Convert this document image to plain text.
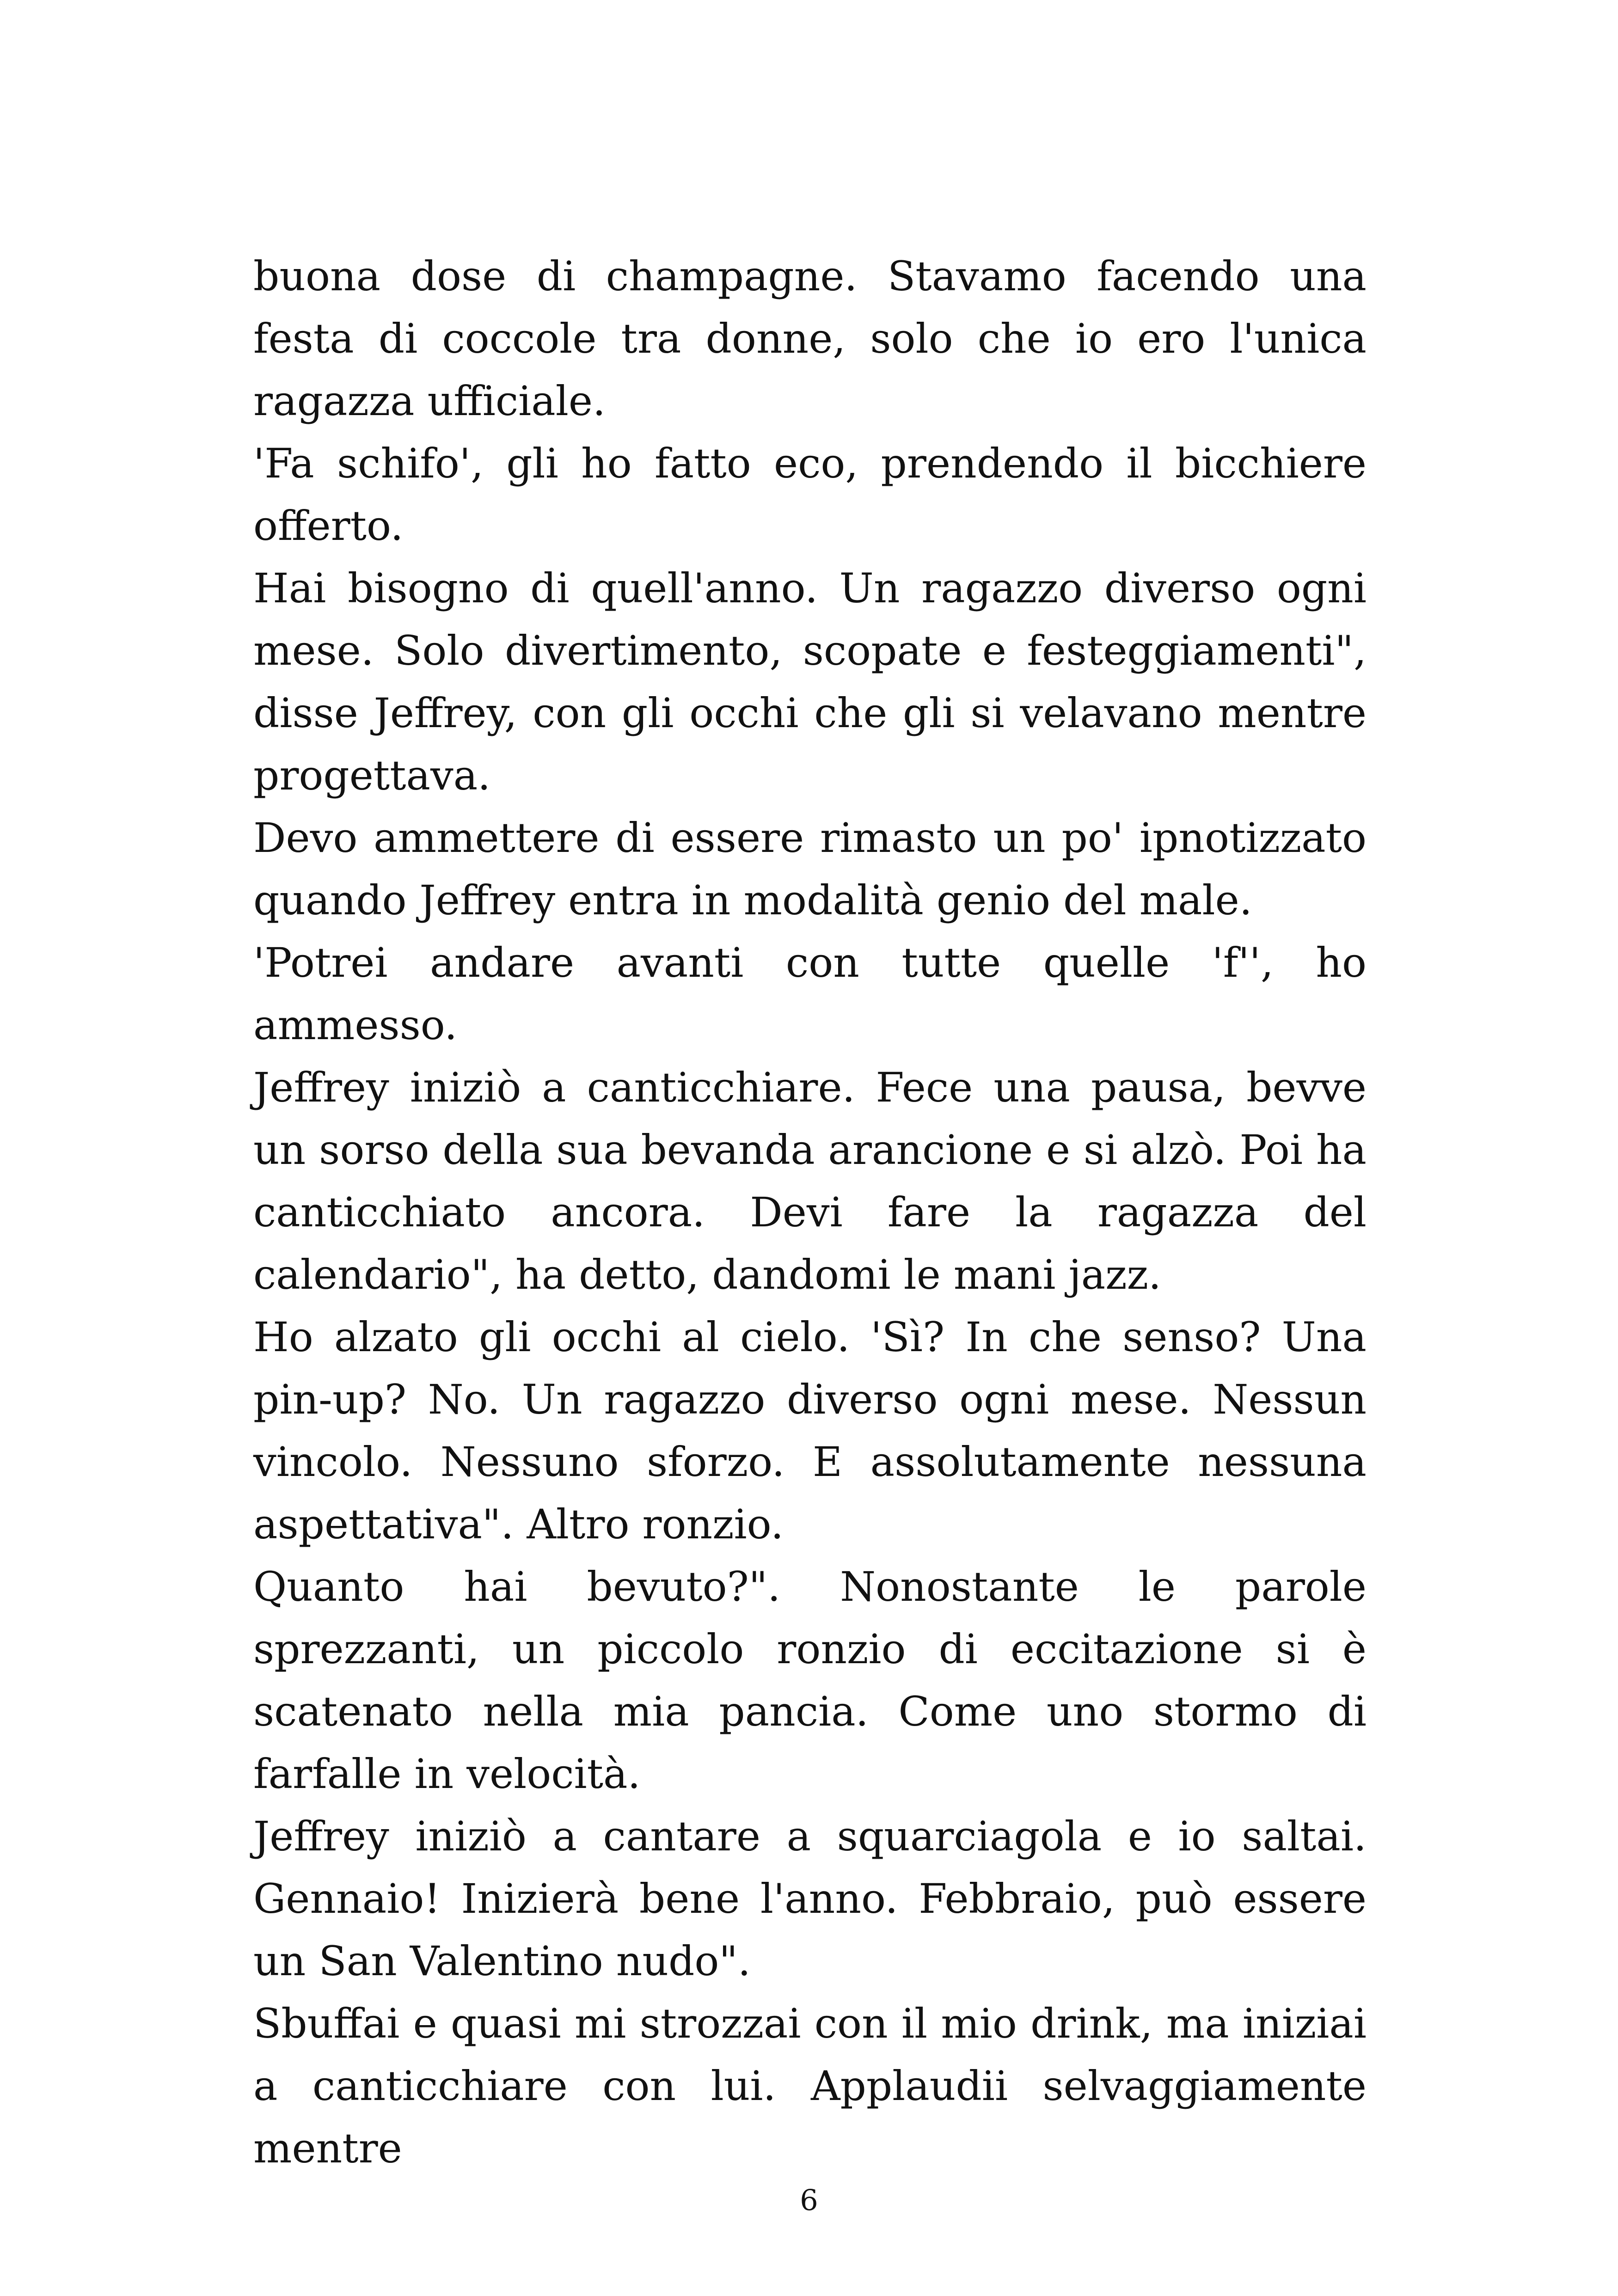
buona dose di champagne. Stavamo facendo una festa di coccole tra donne, solo che io ero l'unica ragazza ufficiale.

'Fa schifo', gli ho fatto eco, prendendo il bicchiere offerto.

Hai bisogno di quell'anno. Un ragazzo diverso ogni mese. Solo divertimento, scopate e festeggiamenti", disse Jeffrey, con gli occhi che gli si velavano mentre progettava.

Devo ammettere di essere rimasto un po' ipnotizzato quando Jeffrey entra in modalità genio del male.

'Potrei andare avanti con tutte quelle 'f'', ho ammesso.

Jeffrey iniziò a canticchiare. Fece una pausa, bevve un sorso della sua bevanda arancione e si alzò. Poi ha canticchiato ancora. Devi fare la ragazza del calendario", ha detto, dandomi le mani jazz.

Ho alzato gli occhi al cielo. 'Sì? In che senso? Una pin-up? No. Un ragazzo diverso ogni mese. Nessun vincolo. Nessuno sforzo. E assolutamente nessuna aspettativa". Altro ronzio.

Quanto hai bevuto?". Nonostante le parole sprezzanti, un piccolo ronzio di eccitazione si è scatenato nella mia pancia. Come uno stormo di farfalle in velocità.

Jeffrey iniziò a cantare a squarciagola e io saltai. Gennaio! Inizierà bene l'anno. Febbraio, può essere un San Valentino nudo".

Sbuffai e quasi mi strozzai con il mio drink, ma iniziai a canticchiare con lui. Applaudii selvaggiamente mentre

6
